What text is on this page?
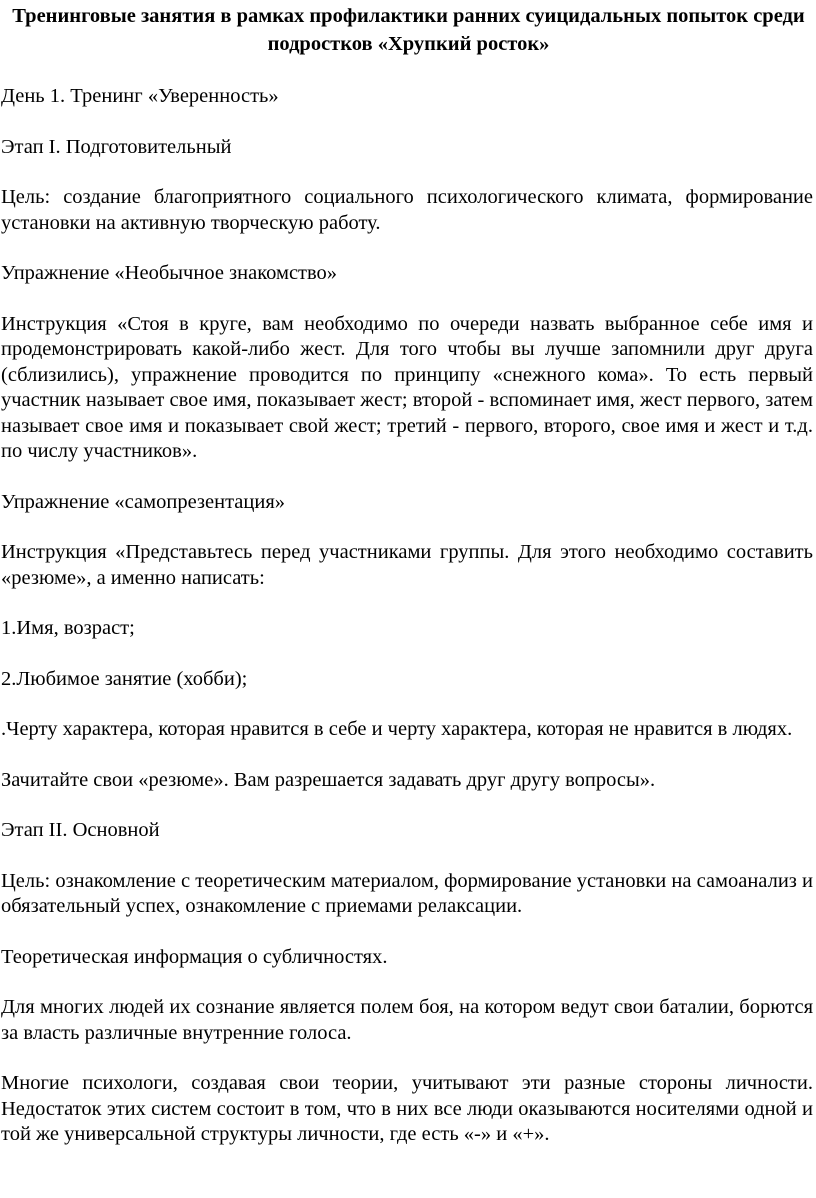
Тренинговые занятия в рамках профилактики ранних суицидальных попыток среди подростков «Хрупкий росток»
День 1. Тренинг «Уверенность»
Этап I. Подготовительный
Цель: создание благоприятного социального психологического климата, формирование установки на активную творческую работу.
Упражнение «Необычное знакомство»
Инструкция «Стоя в круге, вам необходимо по очереди назвать выбранное себе имя и продемонстрировать какой-либо жест. Для того чтобы вы лучше запомнили друг друга (сблизились), упражнение проводится по принципу «снежного кома». То есть первый участник называет свое имя, показывает жест; второй - вспоминает имя, жест первого, затем называет свое имя и показывает свой жест; третий - первого, второго, свое имя и жест и т.д. по числу участников».
Упражнение «самопрезентация»
Инструкция «Представьтесь перед участниками группы. Для этого необходимо составить «резюме», а именно написать:
1.Имя, возраст;
2.Любимое занятие (хобби);
.Черту характера, которая нравится в себе и черту характера, которая не нравится в людях.
Зачитайте свои «резюме». Вам разрешается задавать друг другу вопросы».
Этап II. Основной
Цель: ознакомление с теоретическим материалом, формирование установки на самоанализ и обязательный успех, ознакомление с приемами релаксации.
Теоретическая информация о субличностях.
Для многих людей их сознание является полем боя, на котором ведут свои баталии, борются за власть различные внутренние голоса.
Многие психологи, создавая свои теории, учитывают эти разные стороны личности. Недостаток этих систем состоит в том, что в них все люди оказываются носителями одной и той же универсальной структуры личности, где есть «-» и «+».
